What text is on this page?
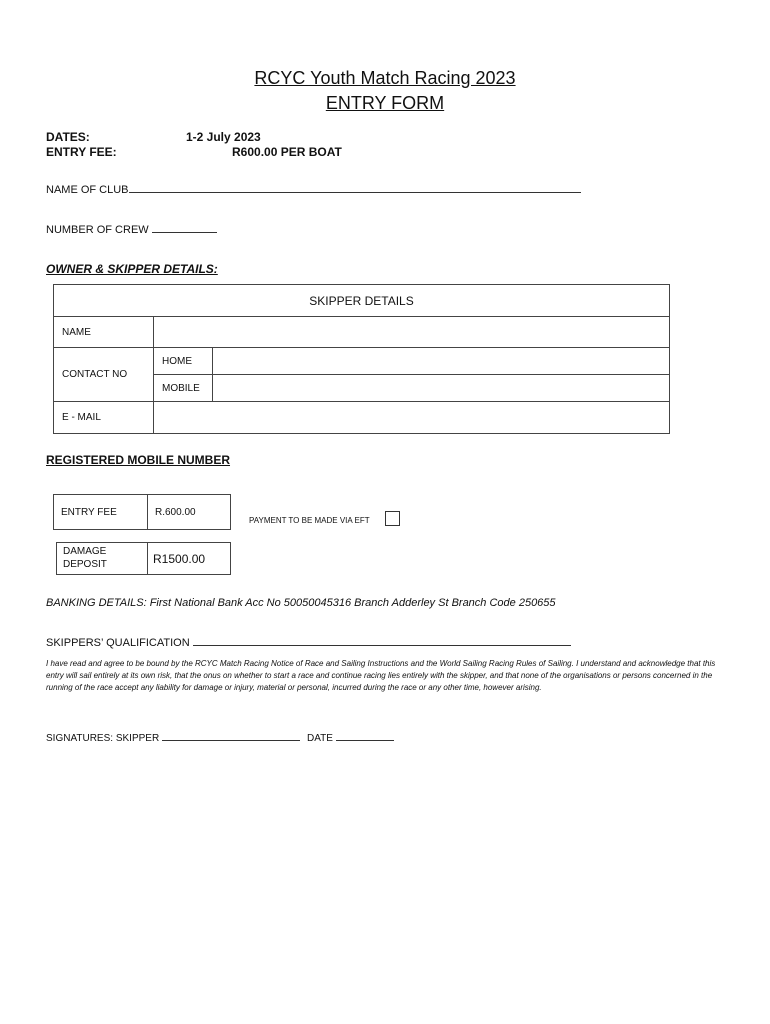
RCYC Youth Match Racing 2023
ENTRY FORM
DATES:	1-2 July 2023
ENTRY FEE:	R600.00 PER BOAT
NAME OF CLUB
NUMBER OF CREW
OWNER & SKIPPER DETAILS:
SKIPPER DETAILS		
NAME		
CONTACT NO	HOME	
	MOBILE	
E - MAIL		
REGISTERED MOBILE NUMBER
ENTRY FEE	R.600.00
PAYMENT TO BE MADE VIA EFT
DAMAGE
DEPOSIT	R1500.00
BANKING DETAILS: First National Bank Acc No 50050045316 Branch Adderley St Branch Code 250655
SKIPPERS’ QUALIFICATION
I have read and agree to be bound by the RCYC Match Racing Notice of Race and Sailing Instructions and the World Sailing Racing Rules of Sailing. I understand and acknowledge that this entry will sail entirely at its own risk, that the onus on whether to start a race and continue racing lies entirely with the skipper, and that none of the organisations or persons concerned in the running of the race accept any liability for damage or injury, material or personal, incurred during the race or any other time, however arising.
SIGNATURES: SKIPPER	DATE
